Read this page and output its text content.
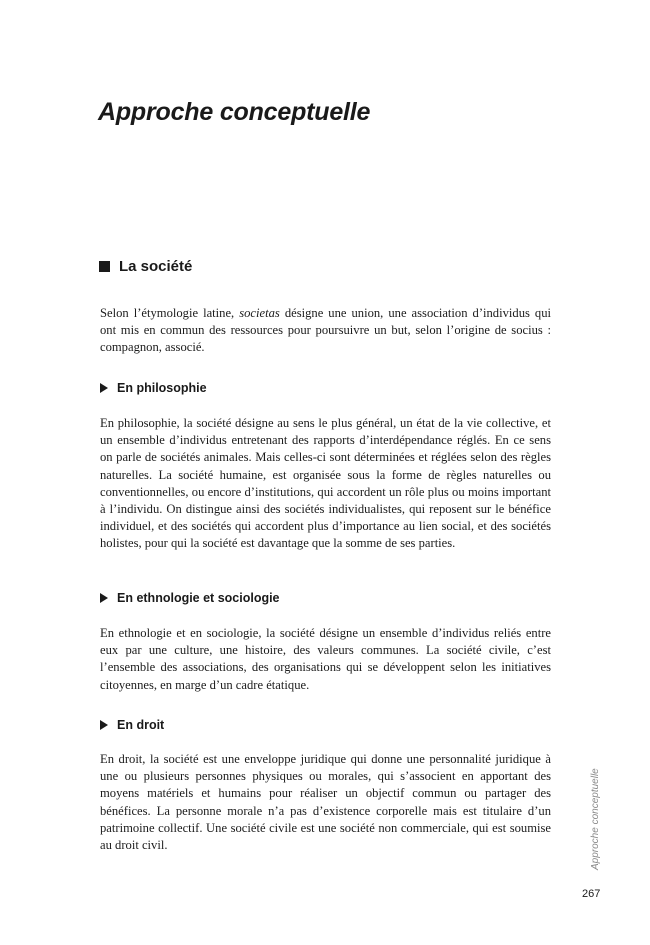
Approche conceptuelle
La société

Selon l’étymologie latine, societas désigne une union, une association d’individus qui ont mis en commun des ressources pour poursuivre un but, selon l’origine de socius : compagnon, associé.

En philosophie

En philosophie, la société désigne au sens le plus général, un état de la vie collective, et un ensemble d’individus entretenant des rapports d’interdépendance réglés. En ce sens on parle de sociétés animales. Mais celles-ci sont déterminées et réglées selon des règles naturelles. La société humaine, est organisée sous la forme de règles naturelles ou conventionnelles, ou encore d’institutions, qui accordent un rôle plus ou moins important à l’individu. On distingue ainsi des sociétés individualistes, qui reposent sur le bénéfice individuel, et des sociétés qui accordent plus d’importance au lien social, et des sociétés holistes, pour qui la société est davantage que la somme de ses parties.

En ethnologie et sociologie

En ethnologie et en sociologie, la société désigne un ensemble d’individus reliés entre eux par une culture, une histoire, des valeurs communes. La société civile, c’est l’ensemble des associations, des organisations qui se développent selon les initiatives citoyennes, en marge d’un cadre étatique.

En droit

En droit, la société est une enveloppe juridique qui donne une personnalité juridique à une ou plusieurs personnes physiques ou morales, qui s’associent en apportant des moyens matériels et humains pour réaliser un objectif commun ou partager des bénéfices. La personne morale n’a pas d’existence corporelle mais est titulaire d’un patrimoine collectif. Une société civile est une société non commerciale, qui est soumise au droit civil.	Approche conceptuelle
267
